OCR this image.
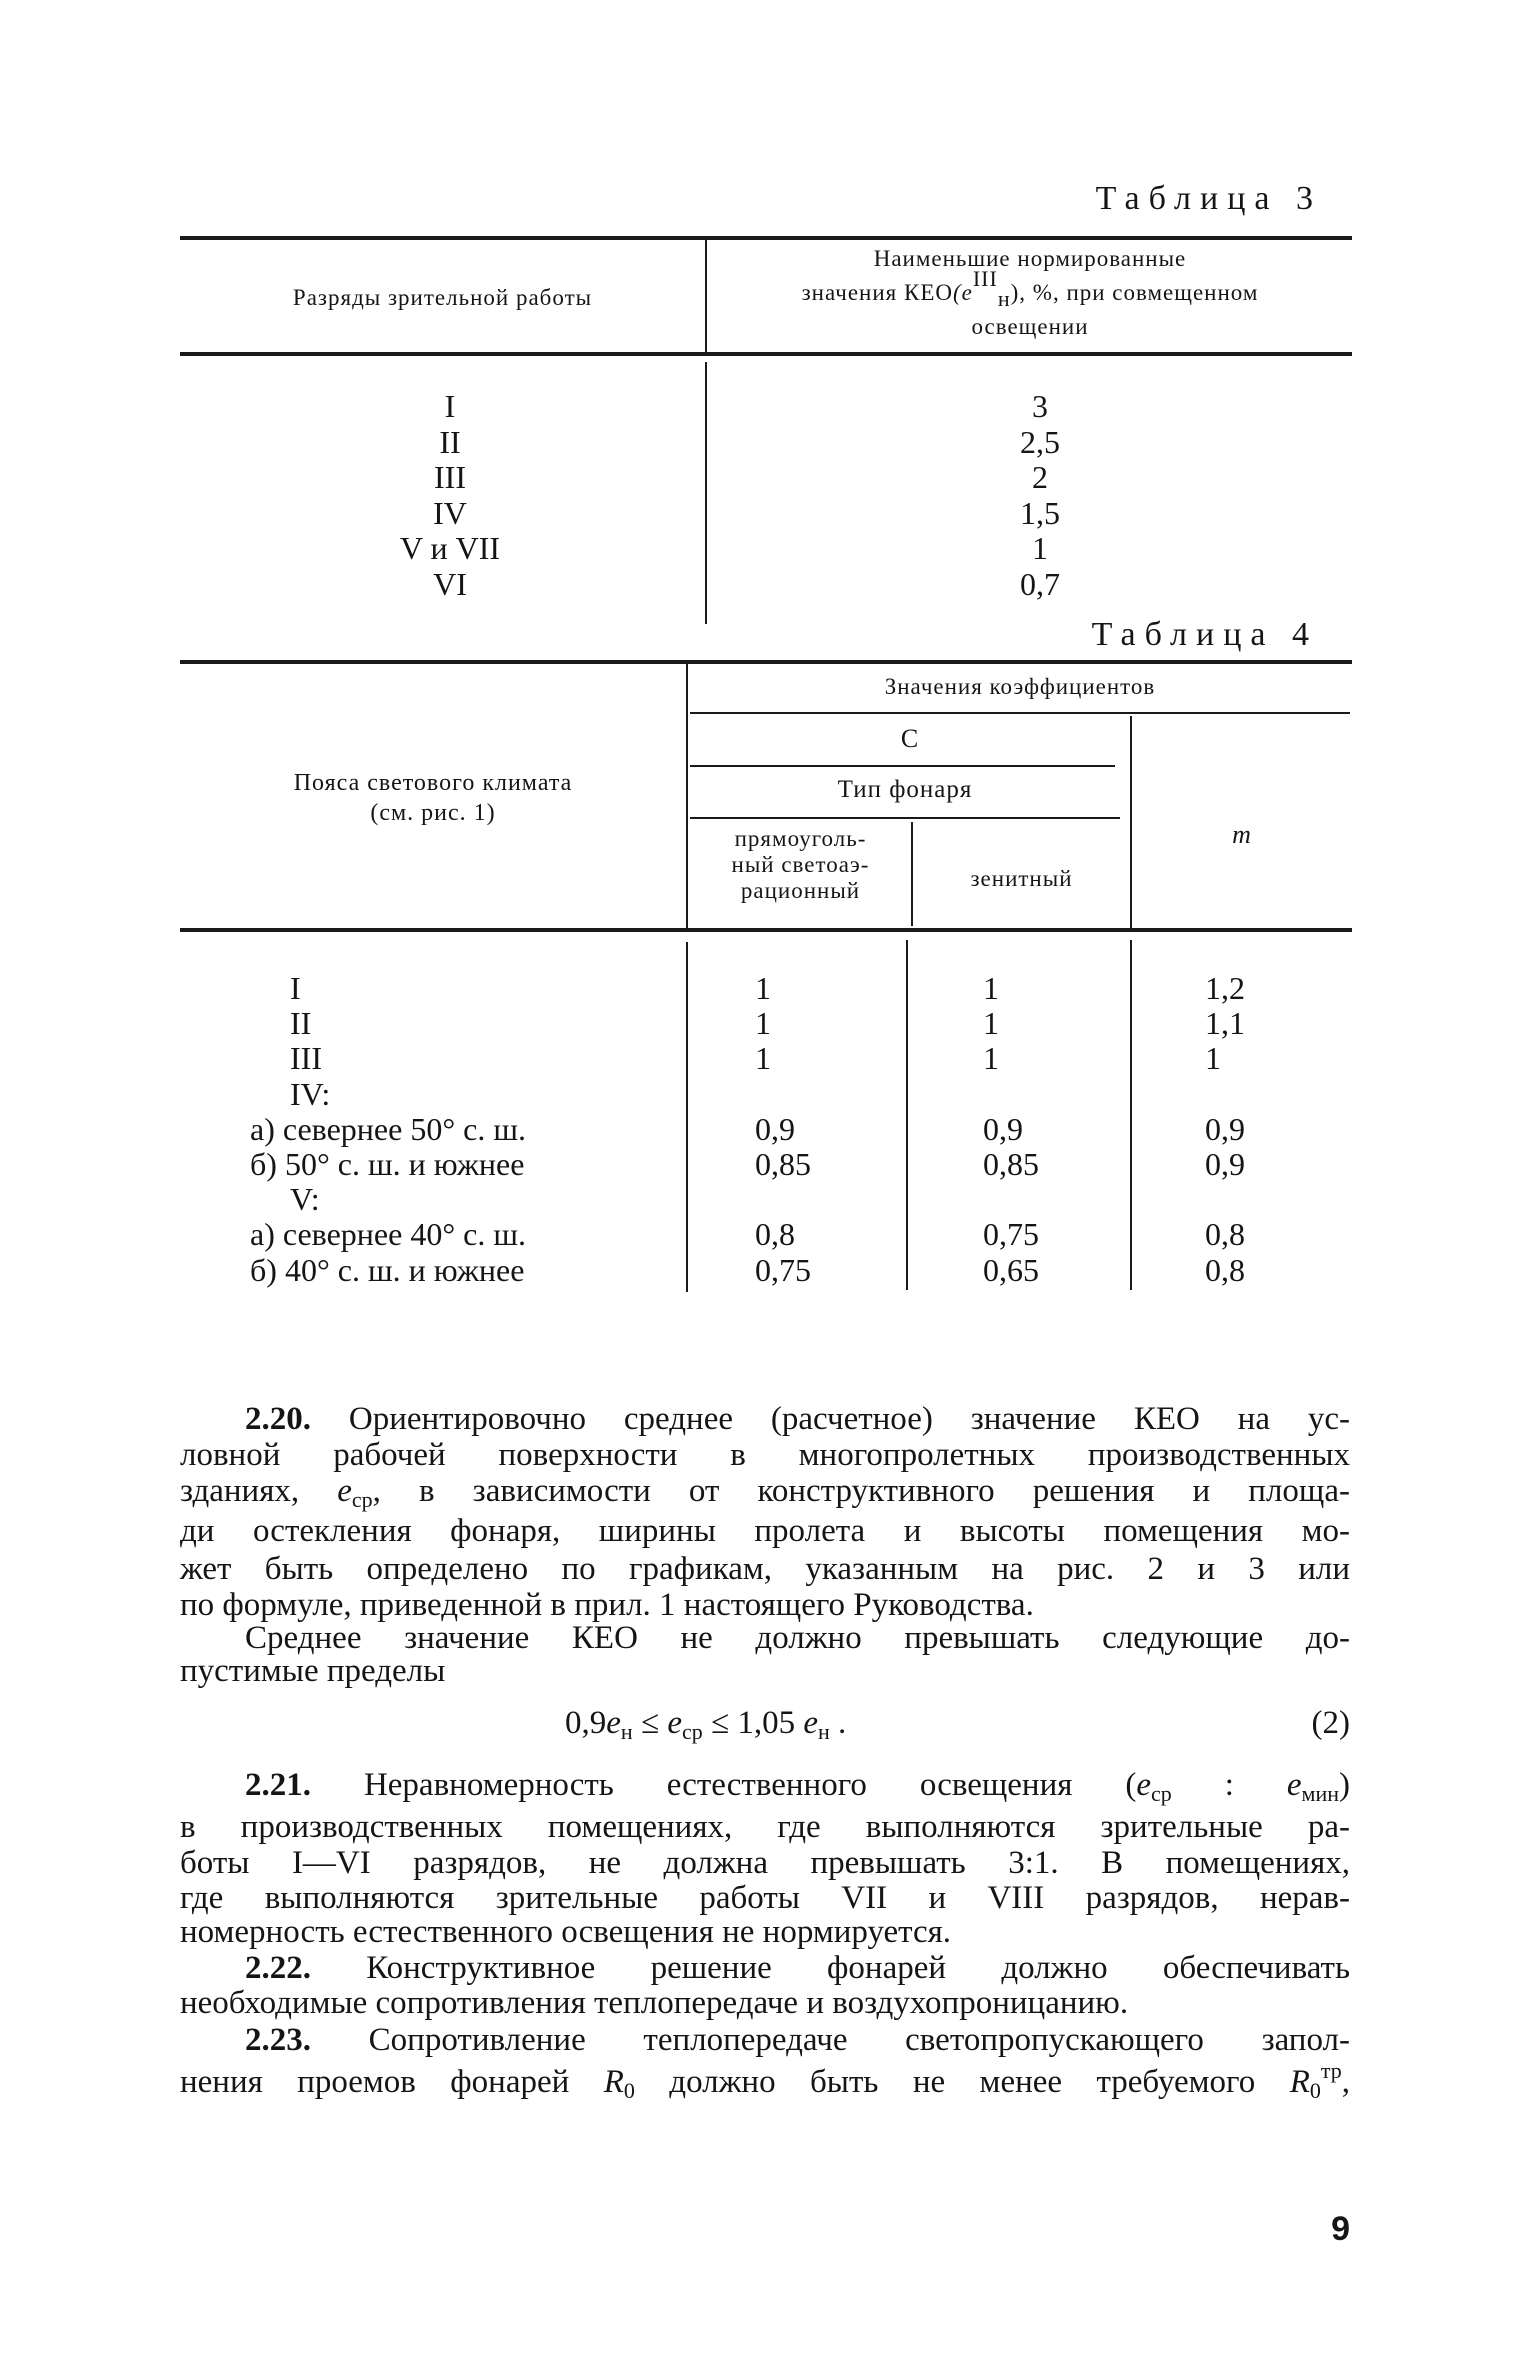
Таблица 3
Разряды зрительной работы
Наименьшие нормированные
значения $КЕО(e^{III}_н)$, %, при совмещенном
освещении
I	3
II	2,5
III	2
IV	1,5
V и VII	1
VI	0,7
Таблица 4
Пояса светового климата
(см. рис. 1)
Значения коэффициентов
С
Тип фонаря
прямоуголь-
ный светоаэ-
рационный	зенитный
m
I	1	1	1,2
II	1	1	1,1
III	1	1	1
IV:
а) севернее 50° с. ш.	0,9	0,9	0,9
б) 50° с. ш. и южнее	0,85	0,85	0,9
V:
а) севернее 40° с. ш.	0,8	0,75	0,8
б) 40° с. ш. и южнее	0,75	0,65	0,8
2.20. Ориентировочно среднее (расчетное) значение КЕО на ус-
ловной рабочей поверхности в многопролетных производственных
зданиях, $e_{ср}$, в зависимости от конструктивного решения и площа-
ди остекления фонаря, ширины пролета и высоты помещения мо-
жет быть определено по графикам, указанным на рис. 2 и 3 или
по формуле, приведенной в прил. 1 настоящего Руководства.
Среднее значение КЕО не должно превышать следующие до-
пустимые пределы
2.21. Неравномерность естественного освещения ($e_{ср}$ : $e_{мин}$)
в производственных помещениях, где выполняются зрительные ра-
боты I—VI разрядов, не должна превышать 3:1. В помещениях,
где выполняются зрительные работы VII и VIII разрядов, нерав-
номерность естественного освещения не нормируется.
2.22. Конструктивное решение фонарей должно обеспечивать
необходимые сопротивления теплопередаче и воздухопроницанию.
2.23. Сопротивление теплопередаче светопропускающего запол-
нения проемов фонарей $R_0$ должно быть не менее требуемого $R_0^{тр}$,
$0,9e_н \le e_{ср} \le 1,05$ $e_н$ .	(2)
9
